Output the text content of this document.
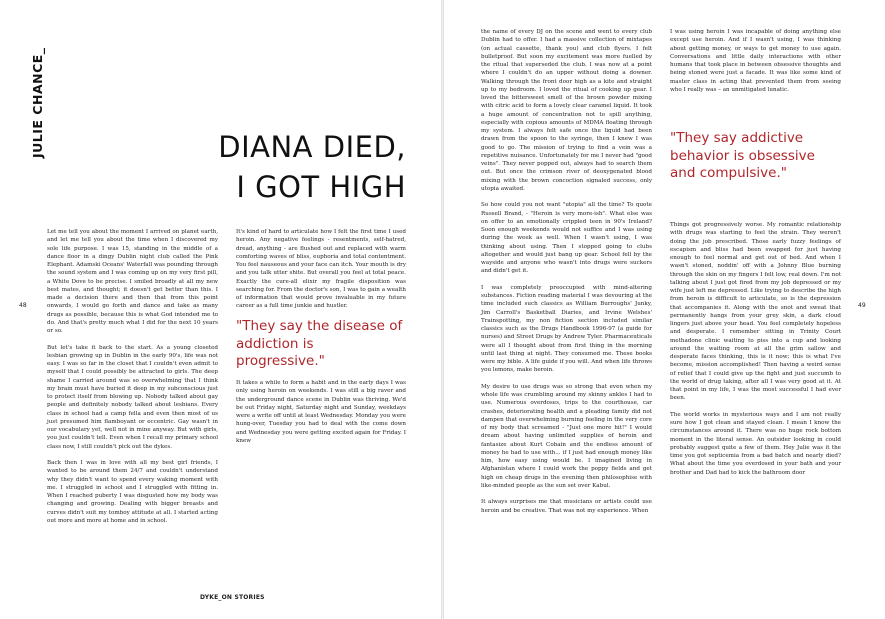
JULIE CHANCE_	DIANA DIED,
I GOT HIGH

Let me tell you about the moment I arrived on planet earth, and let me tell you about the time when I discovered my sole life purpose. I was 15, standing in the middle of a dance floor in a dingy Dublin night club called the Pink Elephant. Adamski Oceans' Waterfall was pounding through the sound system and I was coming up on my very first pill, a White Dove to be precise. I smiled broadly at all my new best mates, and thought; it doesn't get better than this. I made a decision there and then that from this point onwards, I would go forth and dance and take as many drugs as possible, because this is what God intended me to do. And that's pretty much what I did for the next 10 years or so.

But let's take it back to the start. As a young closeted lesbian growing up in Dublin in the early 90's, life was not easy. I was so far in the closet that I couldn't even admit to myself that I could possibly be attracted to girls. The deep shame I carried around was so overwhelming that I think my brain must have buried it deep in my subconscious just to protect itself from blowing up. Nobody talked about gay people and definitely nobody talked about lesbians. Every class in school had a camp fella and even then most of us just presumed him flamboyant or eccentric. Gay wasn't in our vocabulary yet, well not in mine anyway. But with girls, you just couldn't tell. Even when I recall my primary school class now, I still couldn't pick out the dykes.

Back then I was in love with all my best girl friends, I wanted to be around them 24/7 and couldn't understand why they didn't want to spend every waking moment with me. I struggled in school and I struggled with fitting in. When I reached puberty I was disgusted how my body was changing and growing. Dealing with bigger breasts and curves didn't suit my tomboy attitude at all. I started acting out more and more at home and in school.

It's kind of hard to articulate how I felt the first time I used heroin. Any negative feelings - resentments, self-hatred, dread, anything - are flushed out and replaced with warm comforting waves of bliss, euphoria and total contentment. You feel nauseous and your face can itch. Your mouth is dry and you talk utter shite. But overall you feel at total peace. Exactly the cure-all elixir my fragile disposition was searching for. From the doctor's son, I was to gain a wealth of information that would prove invaluable in my future career as a full time junkie and hustler.

"They say the disease of addiction is progressive."

It takes a while to form a habit and in the early days I was only using heroin on weekends. I was still a big raver and the underground dance scene in Dublin was thriving. We'd be out Friday night, Saturday night and Sunday, weekdays were a write off until at least Wednesday. Monday you were hung-over, Tuesday you had to deal with the come down and Wednesday you were getting excited again for Friday. I knew

the name of every DJ on the scene and went to every club Dublin had to offer. I had a massive collection of mixtapes (on actual cassette, thank you) and club flyers. I felt bulletproof. But soon my excitement was more fuelled by the ritual that superseded the club. I was now at a point where I couldn't do an upper without doing a downer. Walking through the front door high as a kite and straight up to my bedroom. I loved the ritual of cooking up gear. I loved the bittersweet smell of the brown powder mixing with citric acid to form a lovely clear caramel liquid. It took a huge amount of concentration not to spill anything, especially with copious amounts of MDMA floating through my system. I always felt safe once the liquid had been drawn from the spoon to the syringe, then I knew I was good to go. The mission of trying to find a vein was a repetitive nuisance. Unfortunately for me I never had "good veins". They never popped out, always had to search them out. But once the crimson river of deoxygenated blood mixing with the brown concoction signaled success, only utopia awaited.

So how could you not want "utopia" all the time? To quote Russell Brand, - "Heroin is very more-ish". What else was on offer to an emotionally crippled teen in 90's Ireland? Soon enough weekends would not suffice and I was using during the week as well. When I wasn't using, I was thinking about using. Then I stopped going to clubs altogether and would just bang up gear. School fell by the wayside and anyone who wasn't into drugs were suckers and didn't get it.

I was completely preoccupied with mind-altering substances. Fiction reading material I was devouring at the time included such classics as William Burroughs' Junky, Jim Carroll's Basketball Diaries, and Irvine Welshes' Trainspotting, my non fiction section included similar classics such as the Drugs Handbook 1996-97 (a guide for nurses) and Street Drugs by Andrew Tyler. Pharmaceuticals were all I thought about from first thing in the morning until last thing at night. They consumed me. These books were my bible. A life guide if you will. And when life throws you lemons, make heroin.

My desire to use drugs was so strong that even when my whole life was crumbling around my skinny ankles I had to use. Numerous overdoses, trips to the courthouse, car crashes, deteriorating health and a pleading family did not dampen that overwhelming burning feeling in the very core of my body that screamed - "Just one more hit!" I would dream about having unlimited supplies of heroin and fantasize about Kurt Cobain and the endless amount of money he had to use with... if I just had enough money like him, how easy using would be. I imagined living in Afghanistan where I could work the poppy fields and get high on cheap drugs in the evening then philosophise with like-minded people as the sun set over Kabul.

It always surprises me that musicians or artists could use heroin and be creative. That was not my experience. When

I was using heroin I was incapable of doing anything else except use heroin. And if I wasn't using, I was thinking about getting money, or ways to get money to use again. Conversations and little daily interactions with other humans that took place in between obsessive thoughts and being stoned were just a facade. It was like some kind of master class in acting that prevented them from seeing who I really was – an unmitigated lunatic.

"They say addictive behavior is obsessive and compulsive."

Things got progressively worse. My romantic relationship with drugs was starting to feel the strain. They weren't doing the job prescribed. Those early fuzzy feelings of escapism and bliss had been swapped for just having enough to feel normal and get out of bed. And when I wasn't stoned, noddin' off with a Johnny Blue burning through the skin on my fingers I felt low, real down. I'm not talking about I just got fired from my job depressed or my wife just left me depressed. Like trying to describe the high from heroin is difficult to articulate, so is the depression that accompanies it. Along with the snot and sweat that permanently hangs from your grey skin, a dark cloud lingers just above your head. You feel completely hopeless and desperate. I remember sitting in Trinity Court methadone clinic waiting to piss into a cup and looking around the waiting room at all the grim sallow and desperate faces thinking, this is it now; this is what I've become, mission accomplished! Then having a weird sense of relief that I could give up the fight and just succumb to the world of drug taking, after all I was very good at it. At that point in my life, I was the most successful I had ever been.

The world works in mysterious ways and I am not really sure how I got clean and stayed clean. I mean I know the circumstances around it. There was no huge rock bottom moment in the literal sense. An outsider looking in could probably suggest quite a few of them. Hey Julie was it the time you got septicemia from a bad batch and nearly died? What about the time you overdosed in your bath and your brother and Dad had to kick the bathroom door

48	49
DYKE_ON STORIES
